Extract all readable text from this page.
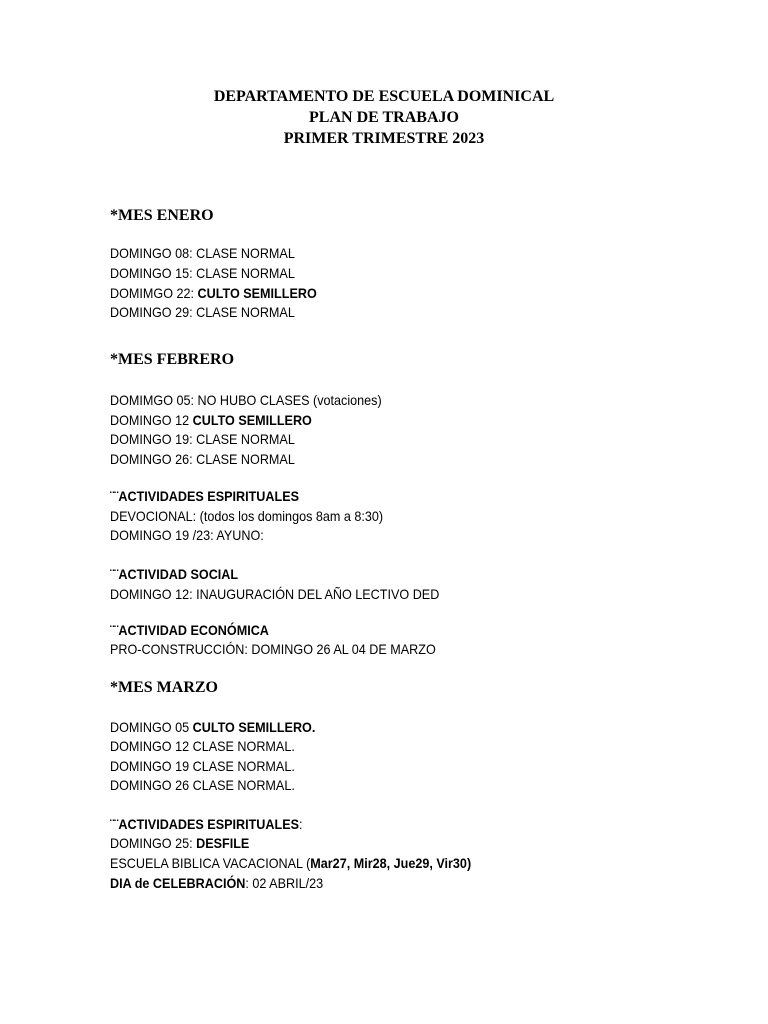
DEPARTAMENTO DE ESCUELA DOMINICAL
PLAN DE TRABAJO
PRIMER TRIMESTRE 2023
*MES ENERO
DOMINGO 08: CLASE NORMAL
DOMINGO 15: CLASE NORMAL
DOMIMGO 22: CULTO SEMILLERO
DOMINGO 29: CLASE NORMAL
*MES FEBRERO
DOMIMGO 05: NO HUBO CLASES (votaciones)
DOMINGO 12 CULTO SEMILLERO
DOMINGO 19: CLASE NORMAL
DOMINGO 26: CLASE NORMAL
¨¨ACTIVIDADES ESPIRITUALES
DEVOCIONAL: (todos los domingos 8am a 8:30)
DOMINGO 19 /23: AYUNO:
¨¨ACTIVIDAD SOCIAL
DOMINGO 12: INAUGURACIÓN DEL AÑO LECTIVO DED
¨¨ACTIVIDAD ECONÓMICA
PRO-CONSTRUCCIÓN: DOMINGO 26 AL 04 DE MARZO
*MES MARZO
DOMINGO 05 CULTO SEMILLERO.
DOMINGO 12 CLASE NORMAL.
DOMINGO 19 CLASE NORMAL.
DOMINGO 26 CLASE NORMAL.
¨¨ACTIVIDADES ESPIRITUALES:
DOMINGO 25: DESFILE
ESCUELA BIBLICA VACACIONAL (Mar27, Mir28, Jue29, Vir30)
DIA de CELEBRACIÓN: 02 ABRIL/23
